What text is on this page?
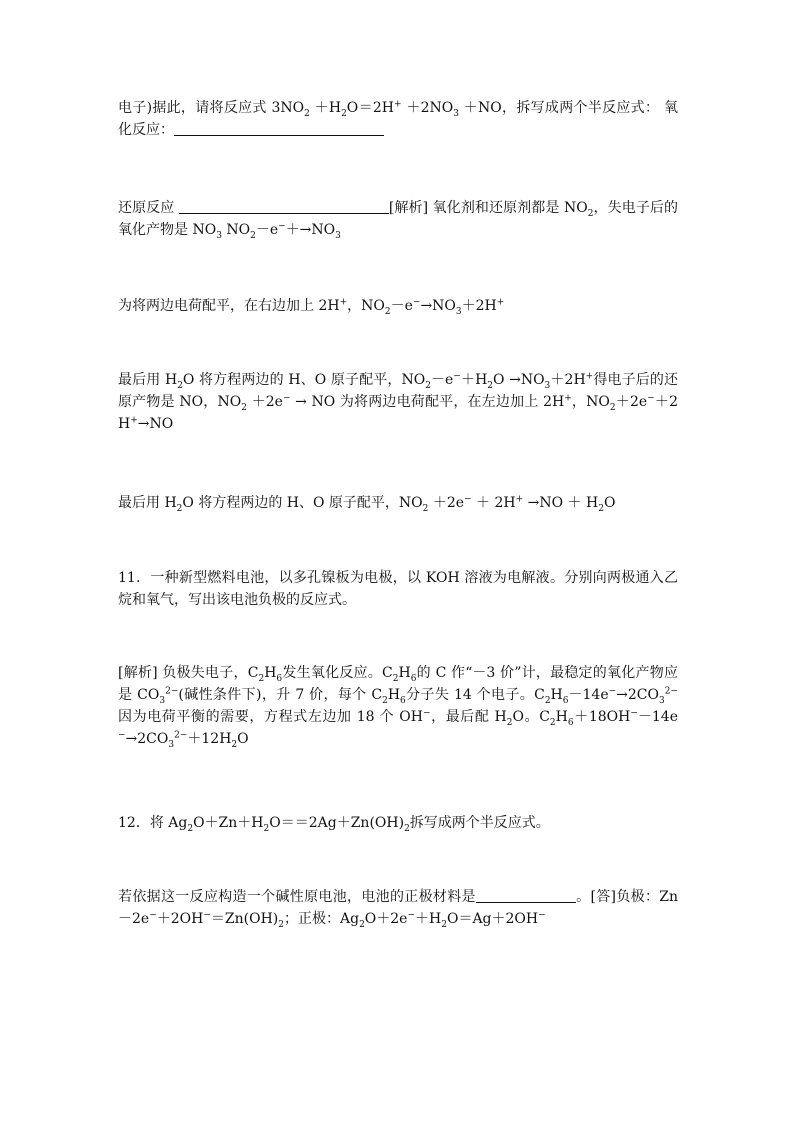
电子)据此，请将反应式 $3NO_2 +H_2O=2H^+ +2NO_3 +NO$，拆写成两个半反应式： 氧化反应：
还原反应	[解析] 氧化剂和还原剂都是 $NO_2$，失电子后的氧化产物是 $NO_3$ $NO_2-e^-+\to NO_3$
为将两边电荷配平，在右边加上 2H+，$NO_2-e^-\to NO_3+2H^+$
最后用 $H_2O$ 将方程两边的 H、O 原子配平，$NO_2-e^-+H_2O \to NO_3+2H^+$得电子后的还原产物是 NO，$NO_2 +2e^-$ → NO 为将两边电荷配平，在左边加上 2H+，$NO_2+2e^-+2H^+\to NO$
最后用 $H_2O$ 将方程两边的 H、O 原子配平，$NO_2 +2e^- + 2H^+ \to NO + H_2O$
11．一种新型燃料电池，以多孔镍板为电极，以 KOH 溶液为电解液。分别向两极通入乙烷和氧气，写出该电池负极的反应式。
[解析] 负极失电子，$C_2H_6$发生氧化反应。$C_2H_6$的 C 作“－3 价”计，最稳定的氧化产物应是 $CO_3^{2-}$(碱性条件下)，升 7 价，每个 $C_2H_6$分子失 14 个电子。$C_2H_6-14e^-\to 2CO_3^{2-}$ 因为电荷平衡的需要，方程式左边加 18 个 OH−，最后配 $H_2O$。$C_2H_6+18OH^--14e^-\to 2CO_3^{2-}+12H_2O$
12．将 $Ag_2O+Zn+H_2O==2Ag+Zn(OH)_2$拆写成两个半反应式。
若依据这一反应构造一个碱性原电池，电池的正极材料是	。[答]负极：$Zn-2e^-+2OH^-=Zn(OH)_2$；正极：$Ag_2O+2e^-+H_2O=Ag+2OH^-$
